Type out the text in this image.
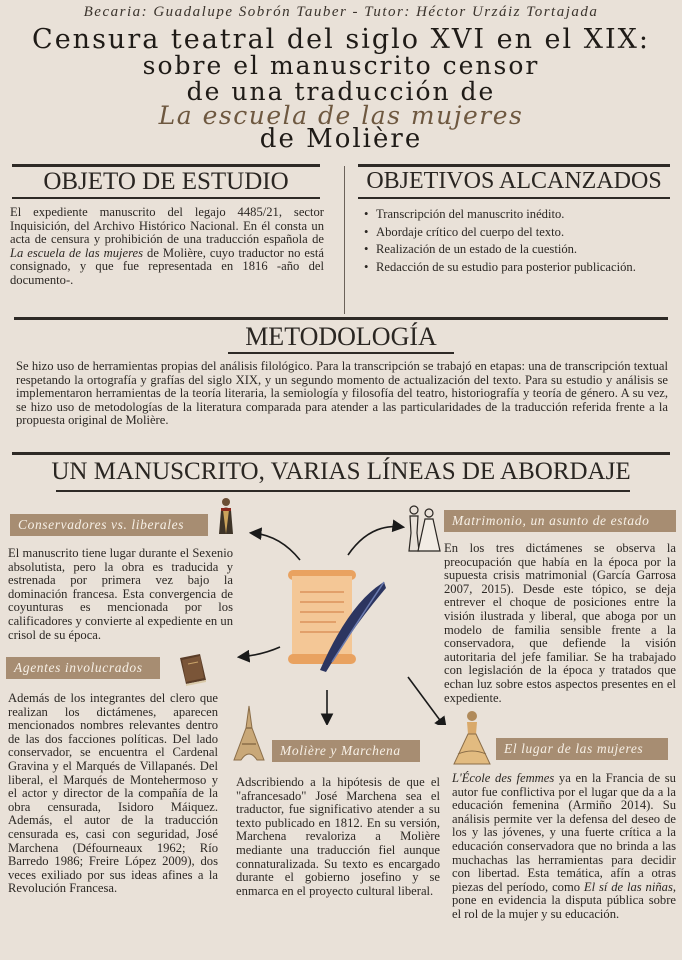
Becaria: Guadalupe Sobrón Tauber - Tutor: Héctor Urzáiz Tortajada
Censura teatral del siglo XVI en el XIX:
sobre el manuscrito censor
de una traducción de
La escuela de las mujeres
de Molière
OBJETO DE ESTUDIO
El expediente manuscrito del legajo 4485/21, sector Inquisición, del Archivo Histórico Nacional. En él consta un acta de censura y prohibición de una traducción española de La escuela de las mujeres de Molière, cuyo traductor no está consignado, y que fue representada en 1816 -año del documento-.
OBJETIVOS ALCANZADOS
• Transcripción del manuscrito inédito.
• Abordaje crítico del cuerpo del texto.
• Realización de un estado de la cuestión.
• Redacción de su estudio para posterior publicación.
METODOLOGÍA
Se hizo uso de herramientas propias del análisis filológico. Para la transcripción se trabajó en etapas: una de transcripción textual respetando la ortografía y grafías del siglo XIX, y un segundo momento de actualización del texto. Para su estudio y análisis se implementaron herramientas de la teoría literaria, la semiología y filosofía del teatro, historiografía y teoría de género. A su vez, se hizo uso de metodologías de la literatura comparada para atender a las particularidades de la traducción referida frente a la propuesta original de Molière.
UN MANUSCRITO, VARIAS LÍNEAS DE ABORDAJE
Conservadores vs. liberales
El manuscrito tiene lugar durante el Sexenio absolutista, pero la obra es traducida y estrenada por primera vez bajo la dominación francesa. Esta convergencia de coyunturas es mencionada por los calificadores y convierte al expediente en un crisol de su época.
Agentes involucrados
Además de los integrantes del clero que realizan los dictámenes, aparecen mencionados nombres relevantes dentro de las dos facciones políticas. Del lado conservador, se encuentra el Cardenal Gravina y el Marqués de Villapanés. Del liberal, el Marqués de Montehermoso y el actor y director de la compañía de la obra censurada, Isidoro Máiquez. Además, el autor de la traducción censurada es, casi con seguridad, José Marchena (Défourneaux 1962; Río Barredo 1986; Freire López 2009), dos veces exiliado por sus ideas afines a la Revolución Francesa.
Matrimonio, un asunto de estado
En los tres dictámenes se observa la preocupación que había en la época por la supuesta crisis matrimonial (García Garrosa 2007, 2015). Desde este tópico, se deja entrever el choque de posiciones entre la visión ilustrada y liberal, que aboga por un modelo de familia sensible frente a la conservadora, que defiende la visión autoritaria del jefe familiar. Se ha trabajado con legislación de la época y tratados que echan luz sobre estos aspectos presentes en el expediente.
Molière y Marchena
Adscribiendo a la hipótesis de que el "afrancesado" José Marchena sea el traductor, fue significativo atender a su texto publicado en 1812. En su versión, Marchena revaloriza a Molière mediante una traducción fiel aunque connaturalizada. Su texto es encargado durante el gobierno josefino y se enmarca en el proyecto cultural liberal.
El lugar de las mujeres
L'École des femmes ya en la Francia de su autor fue conflictiva por el lugar que da a la educación femenina (Armiño 2014). Su análisis permite ver la defensa del deseo de los y las jóvenes, y una fuerte crítica a la educación conservadora que no brinda a las muchachas las herramientas para decidir con libertad. Esta temática, afín a otras piezas del período, como El sí de las niñas, pone en evidencia la disputa pública sobre el rol de la mujer y su educación.
